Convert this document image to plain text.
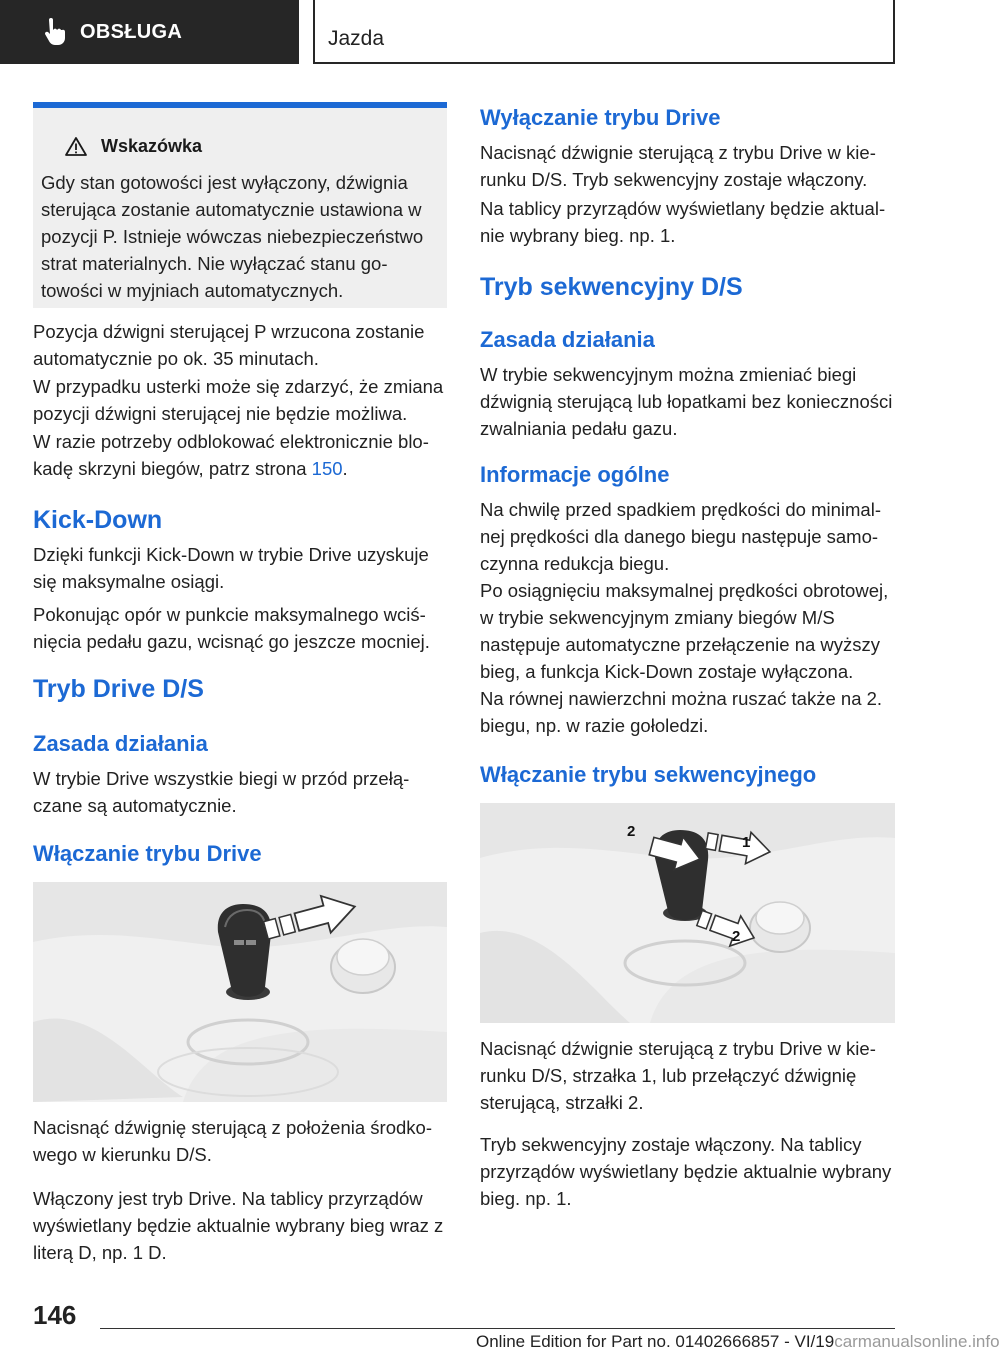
OBSŁUGA	Jazda
Wskazówka

Gdy stan gotowości jest wyłączony, dźwignia sterująca zostanie automatycznie ustawiona w pozycji P. Istnieje wówczas niebezpieczeństwo strat materialnych. Nie wyłączać stanu gotowości w myjniach automatycznych.

Pozycja dźwigni sterującej P wrzucona zostanie automatycznie po ok. 35 minutach.

W przypadku usterki może się zdarzyć, że zmiana pozycji dźwigni sterującej nie będzie możliwa.

W razie potrzeby odblokować elektronicznie blokadę skrzyni biegów, patrz strona 150.

Kick-Down

Dzięki funkcji Kick-Down w trybie Drive uzyskuje się maksymalne osiągi.

Pokonując opór w punkcie maksymalnego wciśnięcia pedału gazu, wcisnąć go jeszcze mocniej.

Tryb Drive D/S
Zasada działania

W trybie Drive wszystkie biegi w przód przełączane są automatycznie.

Włączanie trybu Drive

Nacisnąć dźwignię sterującą z położenia środkowego w kierunku D/S.

Włączony jest tryb Drive. Na tablicy przyrządów wyświetlany będzie aktualnie wybrany bieg wraz z literą D, np. 1 D.

Wyłączanie trybu Drive

Nacisnąć dźwignie sterującą z trybu Drive w kierunku D/S. Tryb sekwencyjny zostaje włączony.

Na tablicy przyrządów wyświetlany będzie aktualnie wybrany bieg. np. 1.

Tryb sekwencyjny D/S
Zasada działania

W trybie sekwencyjnym można zmieniać biegi dźwignią sterującą lub łopatkami bez konieczności zwalniania pedału gazu.

Informacje ogólne

Na chwilę przed spadkiem prędkości do minimalnej prędkości dla danego biegu następuje samoczynna redukcja biegu.

Po osiągnięciu maksymalnej prędkości obrotowej, w trybie sekwencyjnym zmiany biegów M/S następuje automatyczne przełączenie na wyższy bieg, a funkcja Kick-Down zostaje wyłączona.

Na równej nawierzchni można ruszać także na 2. biegu, np. w razie gołoledzi.

Włączanie trybu sekwencyjnego
2
1
2

Nacisnąć dźwignie sterującą z trybu Drive w kierunku D/S, strzałka 1, lub przełączyć dźwignię sterującą, strzałki 2.

Tryb sekwencyjny zostaje włączony. Na tablicy przyrządów wyświetlany będzie aktualnie wybrany bieg. np. 1.

146
Online Edition for Part no. 01402666857 - VI/19carmanualsonline.info
